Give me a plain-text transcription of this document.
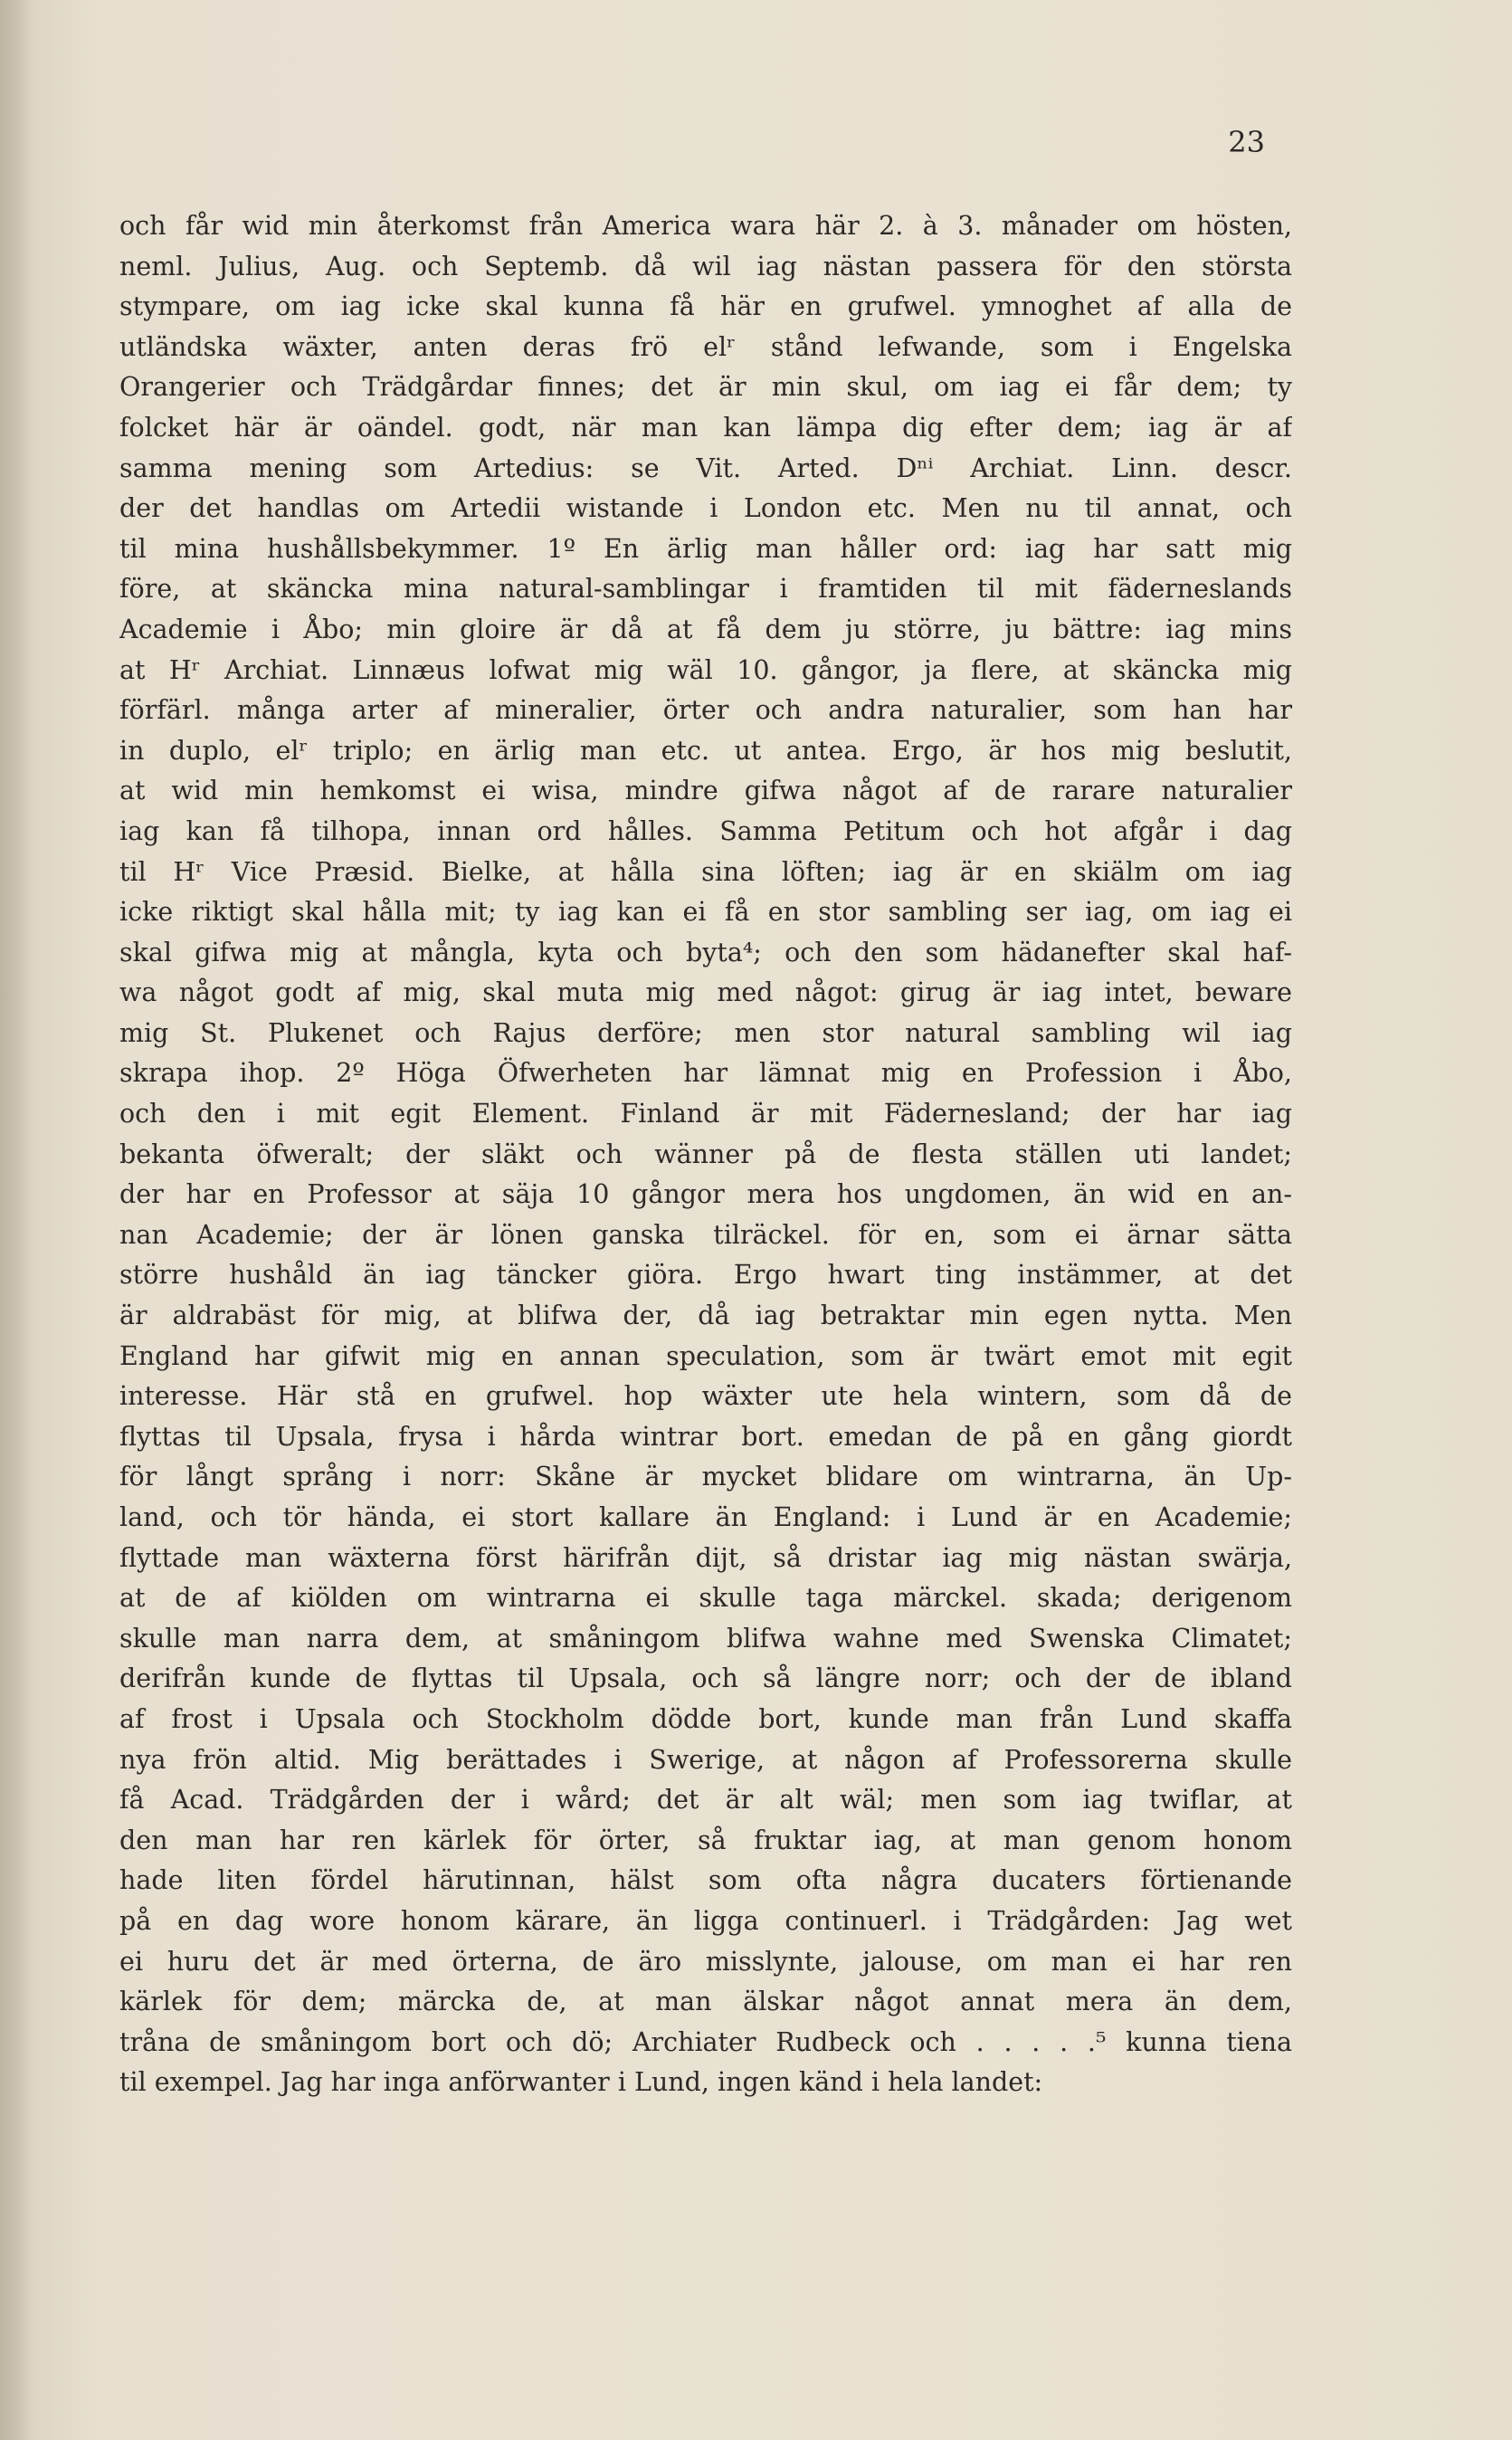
23
och får wid min återkomst från America wara här 2. à 3. månader om hösten,
neml. Julius, Aug. och Septemb. då wil iag nästan passera för den största
stympare, om iag icke skal kunna få här en grufwel. ymnoghet af alla de
utländska wäxter, anten deras frö elʳ stånd lefwande, som i Engelska
Orangerier och Trädgårdar finnes; det är min skul, om iag ei får dem; ty
folcket här är oändel. godt, när man kan lämpa dig efter dem; iag är af
samma mening som Artedius: se Vit. Arted. Dⁿⁱ Archiat. Linn. descr.
der det handlas om Artedii wistande i London etc. Men nu til annat, och
til mina hushållsbekymmer. 1º En ärlig man håller ord: iag har satt mig
före, at skäncka mina natural-samblingar i framtiden til mit fäderneslands
Academie i Åbo; min gloire är då at få dem ju större, ju bättre: iag mins
at Hʳ Archiat. Linnæus lofwat mig wäl 10. gångor, ja flere, at skäncka mig
förfärl. många arter af mineralier, örter och andra naturalier, som han har
in duplo, elʳ triplo; en ärlig man etc. ut antea. Ergo, är hos mig beslutit,
at wid min hemkomst ei wisa, mindre gifwa något af de rarare naturalier
iag kan få tilhopa, innan ord hålles. Samma Petitum och hot afgår i dag
til Hʳ Vice Præsid. Bielke, at hålla sina löften; iag är en skiälm om iag
icke riktigt skal hålla mit; ty iag kan ei få en stor sambling ser iag, om iag ei
skal gifwa mig at mångla, kyta och byta⁴; och den som hädanefter skal haf-
wa något godt af mig, skal muta mig med något: girug är iag intet, beware
mig St. Plukenet och Rajus derföre; men stor natural sambling wil iag
skrapa ihop. 2º Höga Öfwerheten har lämnat mig en Profession i Åbo,
och den i mit egit Element. Finland är mit Fädernesland; der har iag
bekanta öfweralt; der släkt och wänner på de flesta ställen uti landet;
der har en Professor at säja 10 gångor mera hos ungdomen, än wid en an-
nan Academie; der är lönen ganska tilräckel. för en, som ei ärnar sätta
större hushåld än iag täncker giöra. Ergo hwart ting instämmer, at det
är aldrabäst för mig, at blifwa der, då iag betraktar min egen nytta. Men
England har gifwit mig en annan speculation, som är twärt emot mit egit
interesse. Här stå en grufwel. hop wäxter ute hela wintern, som då de
flyttas til Upsala, frysa i hårda wintrar bort. emedan de på en gång giordt
för långt språng i norr: Skåne är mycket blidare om wintrarna, än Up-
land, och tör hända, ei stort kallare än England: i Lund är en Academie;
flyttade man wäxterna först härifrån dijt, så dristar iag mig nästan swärja,
at de af kiölden om wintrarna ei skulle taga märckel. skada; derigenom
skulle man narra dem, at småningom blifwa wahne med Swenska Climatet;
derifrån kunde de flyttas til Upsala, och så längre norr; och der de ibland
af frost i Upsala och Stockholm dödde bort, kunde man från Lund skaffa
nya frön altid. Mig berättades i Swerige, at någon af Professorerna skulle
få Acad. Trädgården der i wård; det är alt wäl; men som iag twiflar, at
den man har ren kärlek för örter, så fruktar iag, at man genom honom
hade liten fördel härutinnan, hälst som ofta några ducaters förtienande
på en dag wore honom kärare, än ligga continuerl. i Trädgården: Jag wet
ei huru det är med örterna, de äro misslynte, jalouse, om man ei har ren
kärlek för dem; märcka de, at man älskar något annat mera än dem,
tråna de småningom bort och dö; Archiater Rudbeck och . . . . .⁵ kunna tiena
til exempel. Jag har inga anförwanter i Lund, ingen känd i hela landet:
